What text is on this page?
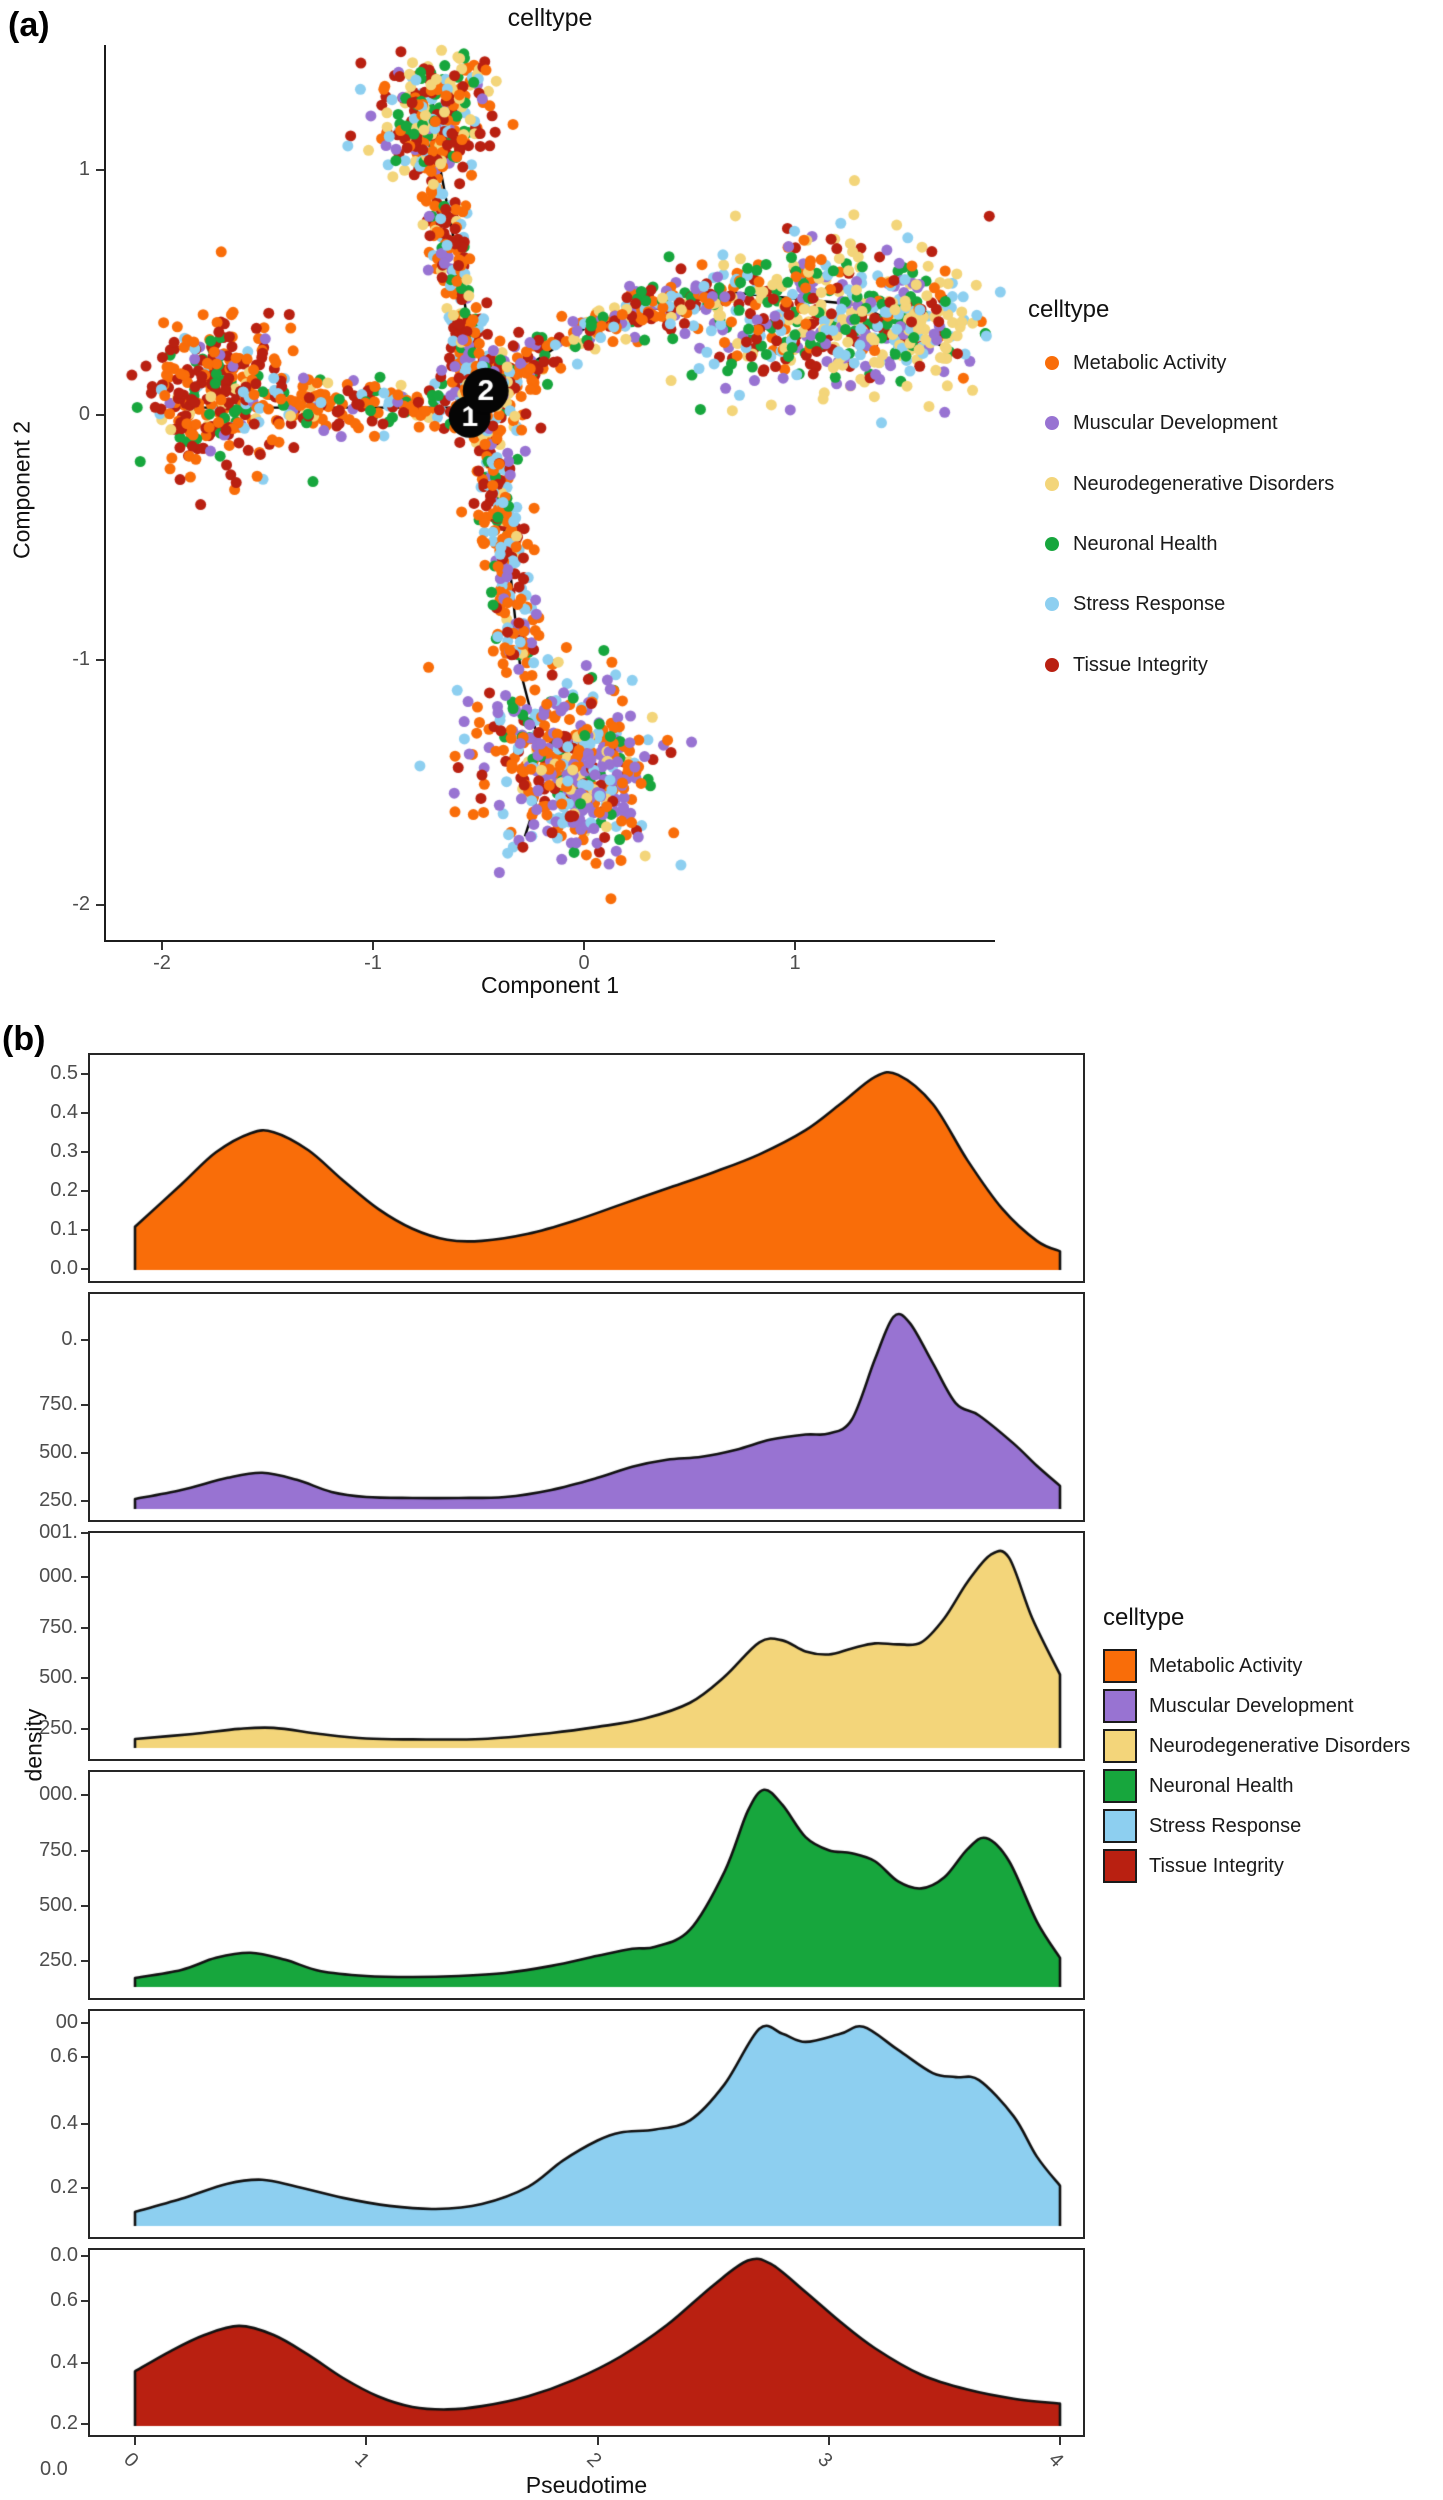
1
0
-1
-2
-2	-1	0	1
Component 2
Component 1
celltype
Metabolic Activity
Muscular Development
Neurodegenerative Disorders
Neuronal Health
Stress Response
Tissue Integrity
(b)
0.5
0.4
0.3
0.2
0.1
0.0
0.
750.
500.
250.
001.
000.
750.
500.
250.
000.
750.
500.
250.
00
0.6
0.4
0.2
0.0
0.6
0.4
0.2
0	1	2	3	4
density
Pseudotime
0.0
celltype
Metabolic Activity
Muscular Development
Neurodegenerative Disorders
Neuronal Health
Stress Response
Tissue Integrity
